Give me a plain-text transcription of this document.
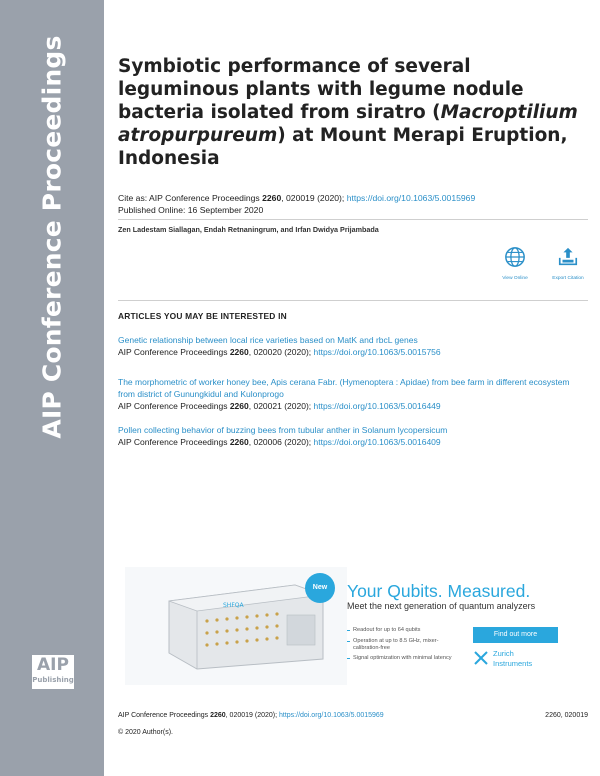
AIP Conference Proceedings
AIP
Publishing
Symbiotic performance of several leguminous plants with legume nodule bacteria isolated from siratro (Macroptilium atropurpureum) at Mount Merapi Eruption, Indonesia
Cite as: AIP Conference Proceedings 2260, 020019 (2020); https://doi.org/10.1063/5.0015969
Published Online: 16 September 2020
Zen Ladestam Siallagan, Endah Retnaningrum, and Irfan Dwidya Prijambada
View Online	Export Citation
ARTICLES YOU MAY BE INTERESTED IN
Genetic relationship between local rice varieties based on MatK and rbcL genes
AIP Conference Proceedings 2260, 020020 (2020); https://doi.org/10.1063/5.0015756
The morphometric of worker honey bee, Apis cerana Fabr. (Hymenoptera : Apidae) from bee farm in different ecosystem from district of Gunungkidul and Kulonprogo
AIP Conference Proceedings 2260, 020021 (2020); https://doi.org/10.1063/5.0016449
Pollen collecting behavior of buzzing bees from tubular anther in Solanum lycopersicum
AIP Conference Proceedings 2260, 020006 (2020); https://doi.org/10.1063/5.0016409
SHFQA
New	Your Qubits. Measured.
Meet the next generation of quantum analyzers
Readout for up to 64 qubits
Operation at up to 8.5 GHz, mixer-calibration-free
Signal optimization with minimal latency
Find out more
Zurich
Instruments
AIP Conference Proceedings 2260, 020019 (2020); https://doi.org/10.1063/5.0015969	2260, 020019
© 2020 Author(s).
